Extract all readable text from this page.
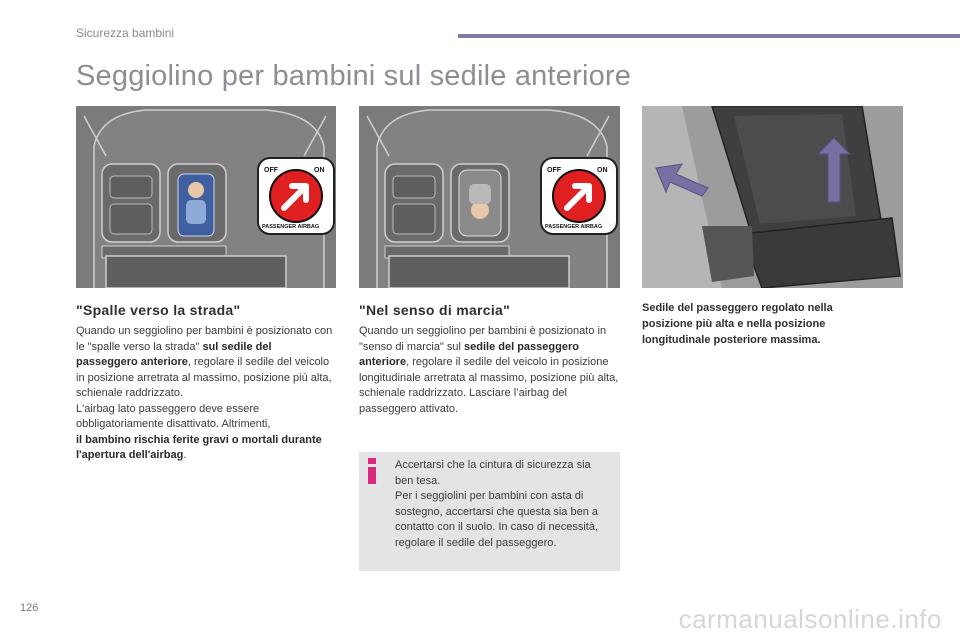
Sicurezza bambini
Seggiolino per bambini sul sedile anteriore
OFF	ON
PASSENGER AIRBAG
OFF	ON
PASSENGER AIRBAG
"Spalle verso la strada"

Quando un seggiolino per bambini è posizionato con le "spalle verso la strada" sul sedile del passeggero anteriore, regolare il sedile del veicolo in posizione arretrata al massimo, posizione più alta, schienale raddrizzato.
L'airbag lato passeggero deve essere obbligatoriamente disattivato. Altrimenti,
il bambino rischia ferite gravi o mortali durante l'apertura dell'airbag.

"Nel senso di marcia"

Quando un seggiolino per bambini è posizionato in "senso di marcia" sul sedile del passeggero anteriore, regolare il sedile del veicolo in posizione longitudinale arretrata al massimo, posizione più alta, schienale raddrizzato. Lasciare l’airbag del passeggero attivato.

Accertarsi che la cintura di sicurezza sia ben tesa.
Per i seggiolini per bambini con asta di sostegno, accertarsi che questa sia ben a contatto con il suolo. In caso di necessità, regolare il sedile del passeggero.

Sedile del passeggero regolato nella posizione più alta e nella posizione longitudinale posteriore massima.

126	carmanualsonline.info
